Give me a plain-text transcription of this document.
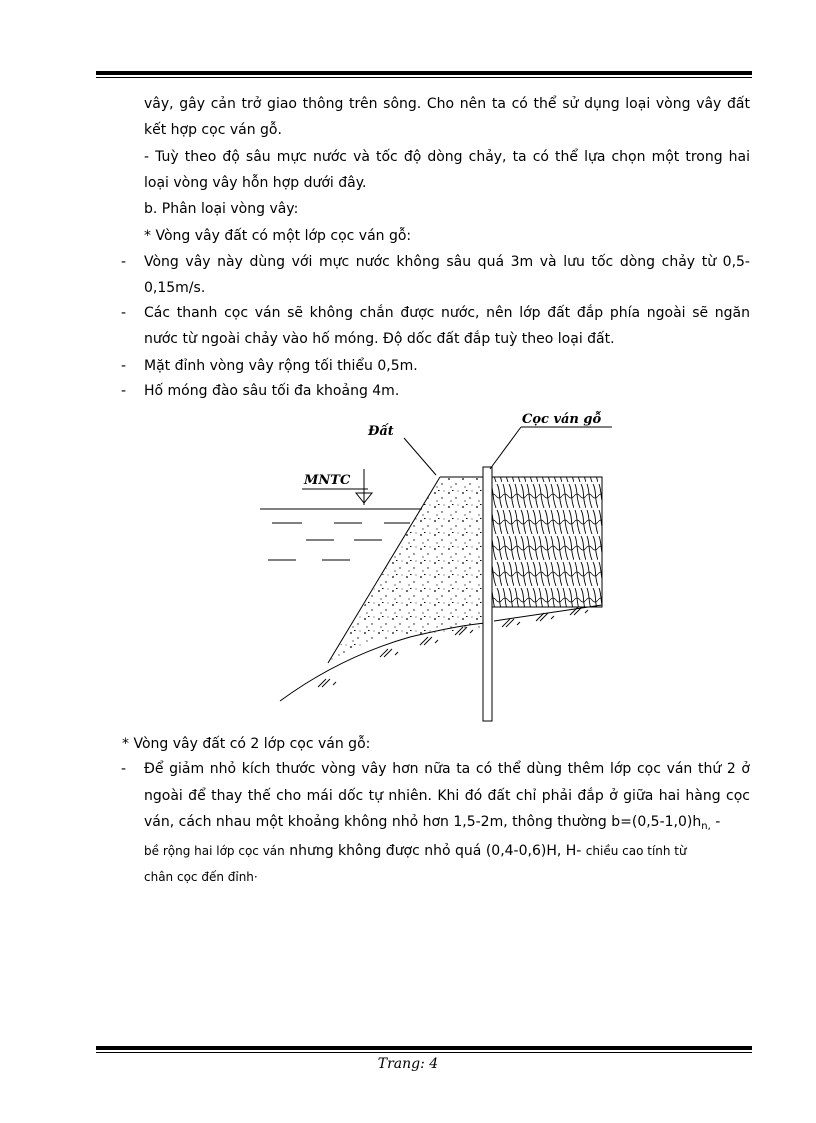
vây, gây cản trở giao thông trên sông. Cho nên ta có thể sử dụng loại vòng vây đất
kết hợp cọc ván gỗ.
- Tuỳ theo độ sâu mực nước và tốc độ dòng chảy, ta có thể lựa chọn một trong hai
loại vòng vây hỗn hợp dưới đây.
b. Phân loại vòng vây:
* Vòng vây đất có một lớp cọc ván gỗ:
- Vòng vây này dùng với mực nước không sâu quá 3m và lưu tốc dòng chảy từ 0,5-
0,15m/s.
- Các thanh cọc ván sẽ không chắn được nước, nên lớp đất đắp phía ngoài sẽ ngăn
nước từ ngoài chảy vào hố móng. Độ dốc đất đắp tuỳ theo loại đất.
- Mặt đỉnh vòng vây rộng tối thiểu 0,5m.
- Hố móng đào sâu tối đa khoảng 4m.
Đất
Cọc ván gỗ
MNTC
* Vòng vây đất có 2 lớp cọc ván gỗ:
- Để giảm nhỏ kích thước vòng vây hơn nữa ta có thể dùng thêm lớp cọc ván thứ 2 ở
ngoài để thay thế cho mái dốc tự nhiên. Khi đó đất chỉ phải đắp ở giữa hai hàng cọc
ván, cách nhau một khoảng không nhỏ hơn 1,5-2m, thông thường $b=(0,5-1,0)h_{n,}$ -
bề rộng hai lớp cọc ván nhưng không được nhỏ quá (0,4-0,6)H, H- chiều cao tính từ
chân cọc đến đỉnh·
Trang: 4
